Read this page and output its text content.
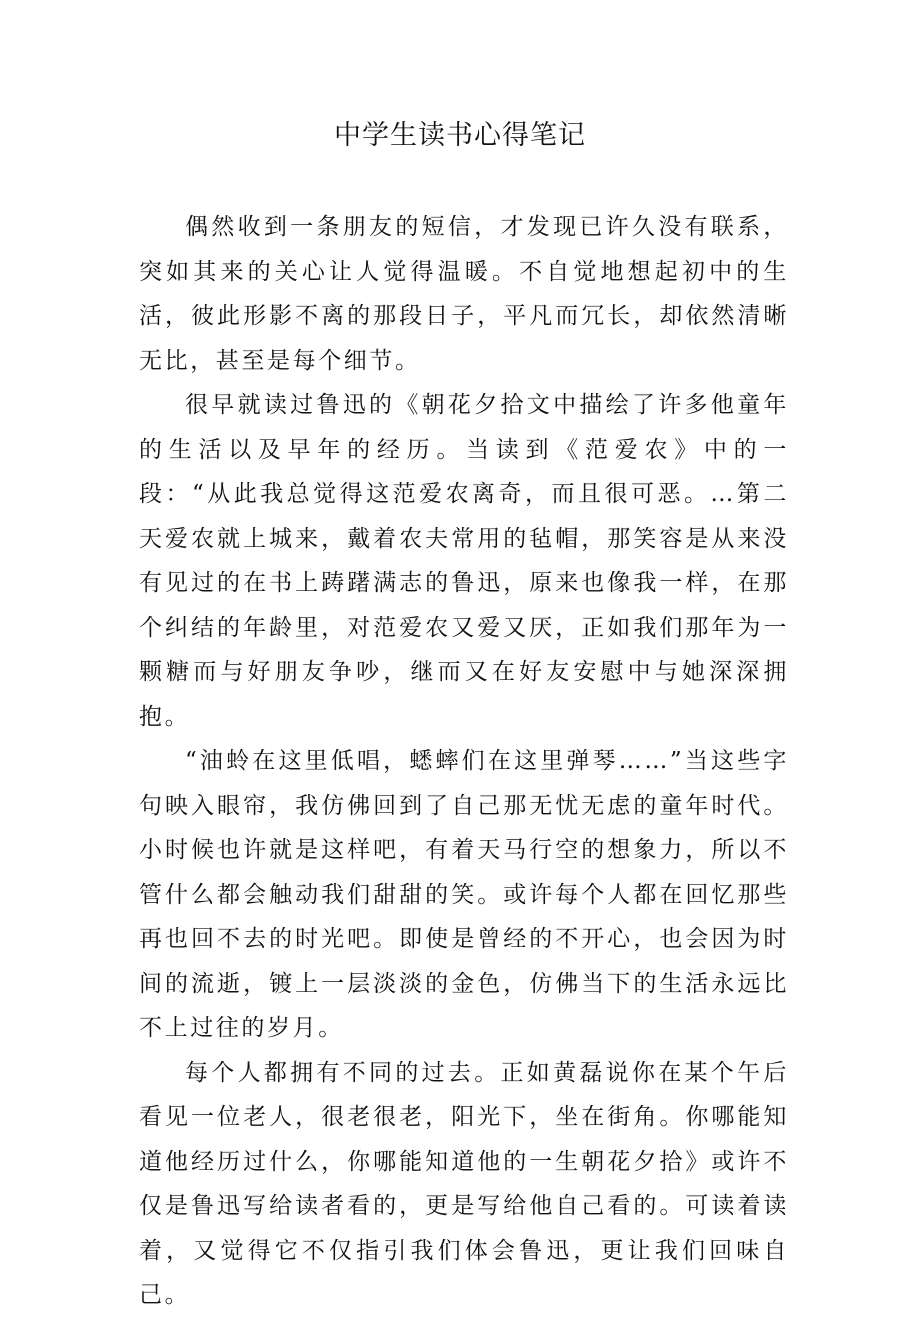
中学生读书心得笔记

偶然收到一条朋友的短信，才发现已许久没有联系，突如其来的关心让人觉得温暖。不自觉地想起初中的生活，彼此形影不离的那段日子，平凡而冗长，却依然清晰无比，甚至是每个细节。

很早就读过鲁迅的《朝花夕拾文中描绘了许多他童年的生活以及早年的经历。当读到《范爱农》中的一段：“从此我总觉得这范爱农离奇，而且很可恶。…第二天爱农就上城来，戴着农夫常用的毡帽，那笑容是从来没有见过的在书上踌躇满志的鲁迅，原来也像我一样，在那个纠结的年龄里，对范爱农又爱又厌，正如我们那年为一颗糖而与好朋友争吵，继而又在好友安慰中与她深深拥抱。

“油蛉在这里低唱，蟋蟀们在这里弹琴……”当这些字句映入眼帘，我仿佛回到了自己那无忧无虑的童年时代。小时候也许就是这样吧，有着天马行空的想象力，所以不管什么都会触动我们甜甜的笑。或许每个人都在回忆那些再也回不去的时光吧。即使是曾经的不开心，也会因为时间的流逝，镀上一层淡淡的金色，仿佛当下的生活永远比不上过往的岁月。

每个人都拥有不同的过去。正如黄磊说你在某个午后看见一位老人，很老很老，阳光下，坐在街角。你哪能知道他经历过什么，你哪能知道他的一生朝花夕拾》或许不仅是鲁迅写给读者看的，更是写给他自己看的。可读着读着，又觉得它不仅指引我们体会鲁迅，更让我们回味自己。
